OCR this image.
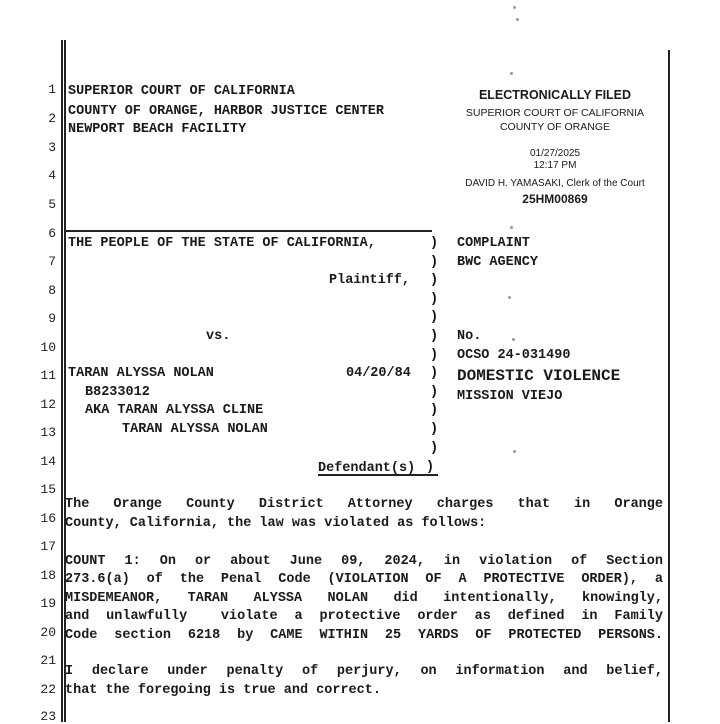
1
2
3
4
5
6
7
8
9
10
11
12
13
14
15
16
17
18
19
20
21
22
23
SUPERIOR COURT OF CALIFORNIA
COUNTY OF ORANGE, HARBOR JUSTICE CENTER
NEWPORT BEACH FACILITY
ELECTRONICALLY FILED
SUPERIOR COURT OF CALIFORNIA
COUNTY OF ORANGE
01/27/2025
12:17 PM
DAVID H. YAMASAKI, Clerk of the Court
25HM00869
THE PEOPLE OF THE STATE OF CALIFORNIA,
Plaintiff,
vs.
TARAN ALYSSA NOLAN	04/20/84
B8233012
AKA TARAN ALYSSA CLINE
TARAN ALYSSA NOLAN
Defendant(s)
)
)
)
)
)
)
)
)
)
)
)
)
)
COMPLAINT
BWC AGENCY
No.
OCSO 24-031490
DOMESTIC VIOLENCE
MISSION VIEJO
The Orange County District Attorney charges that in Orange
County, California, the law was violated as follows:
COUNT 1: On or about June 09, 2024, in violation of Section
273.6(a) of the Penal Code (VIOLATION OF A PROTECTIVE ORDER), a
MISDEMEANOR, TARAN ALYSSA NOLAN did intentionally, knowingly,
and unlawfully  violate a protective order as defined in Family
Code section 6218 by CAME WITHIN 25 YARDS OF PROTECTED PERSONS.
I declare under penalty of perjury, on information and belief,
that the foregoing is true and correct.
